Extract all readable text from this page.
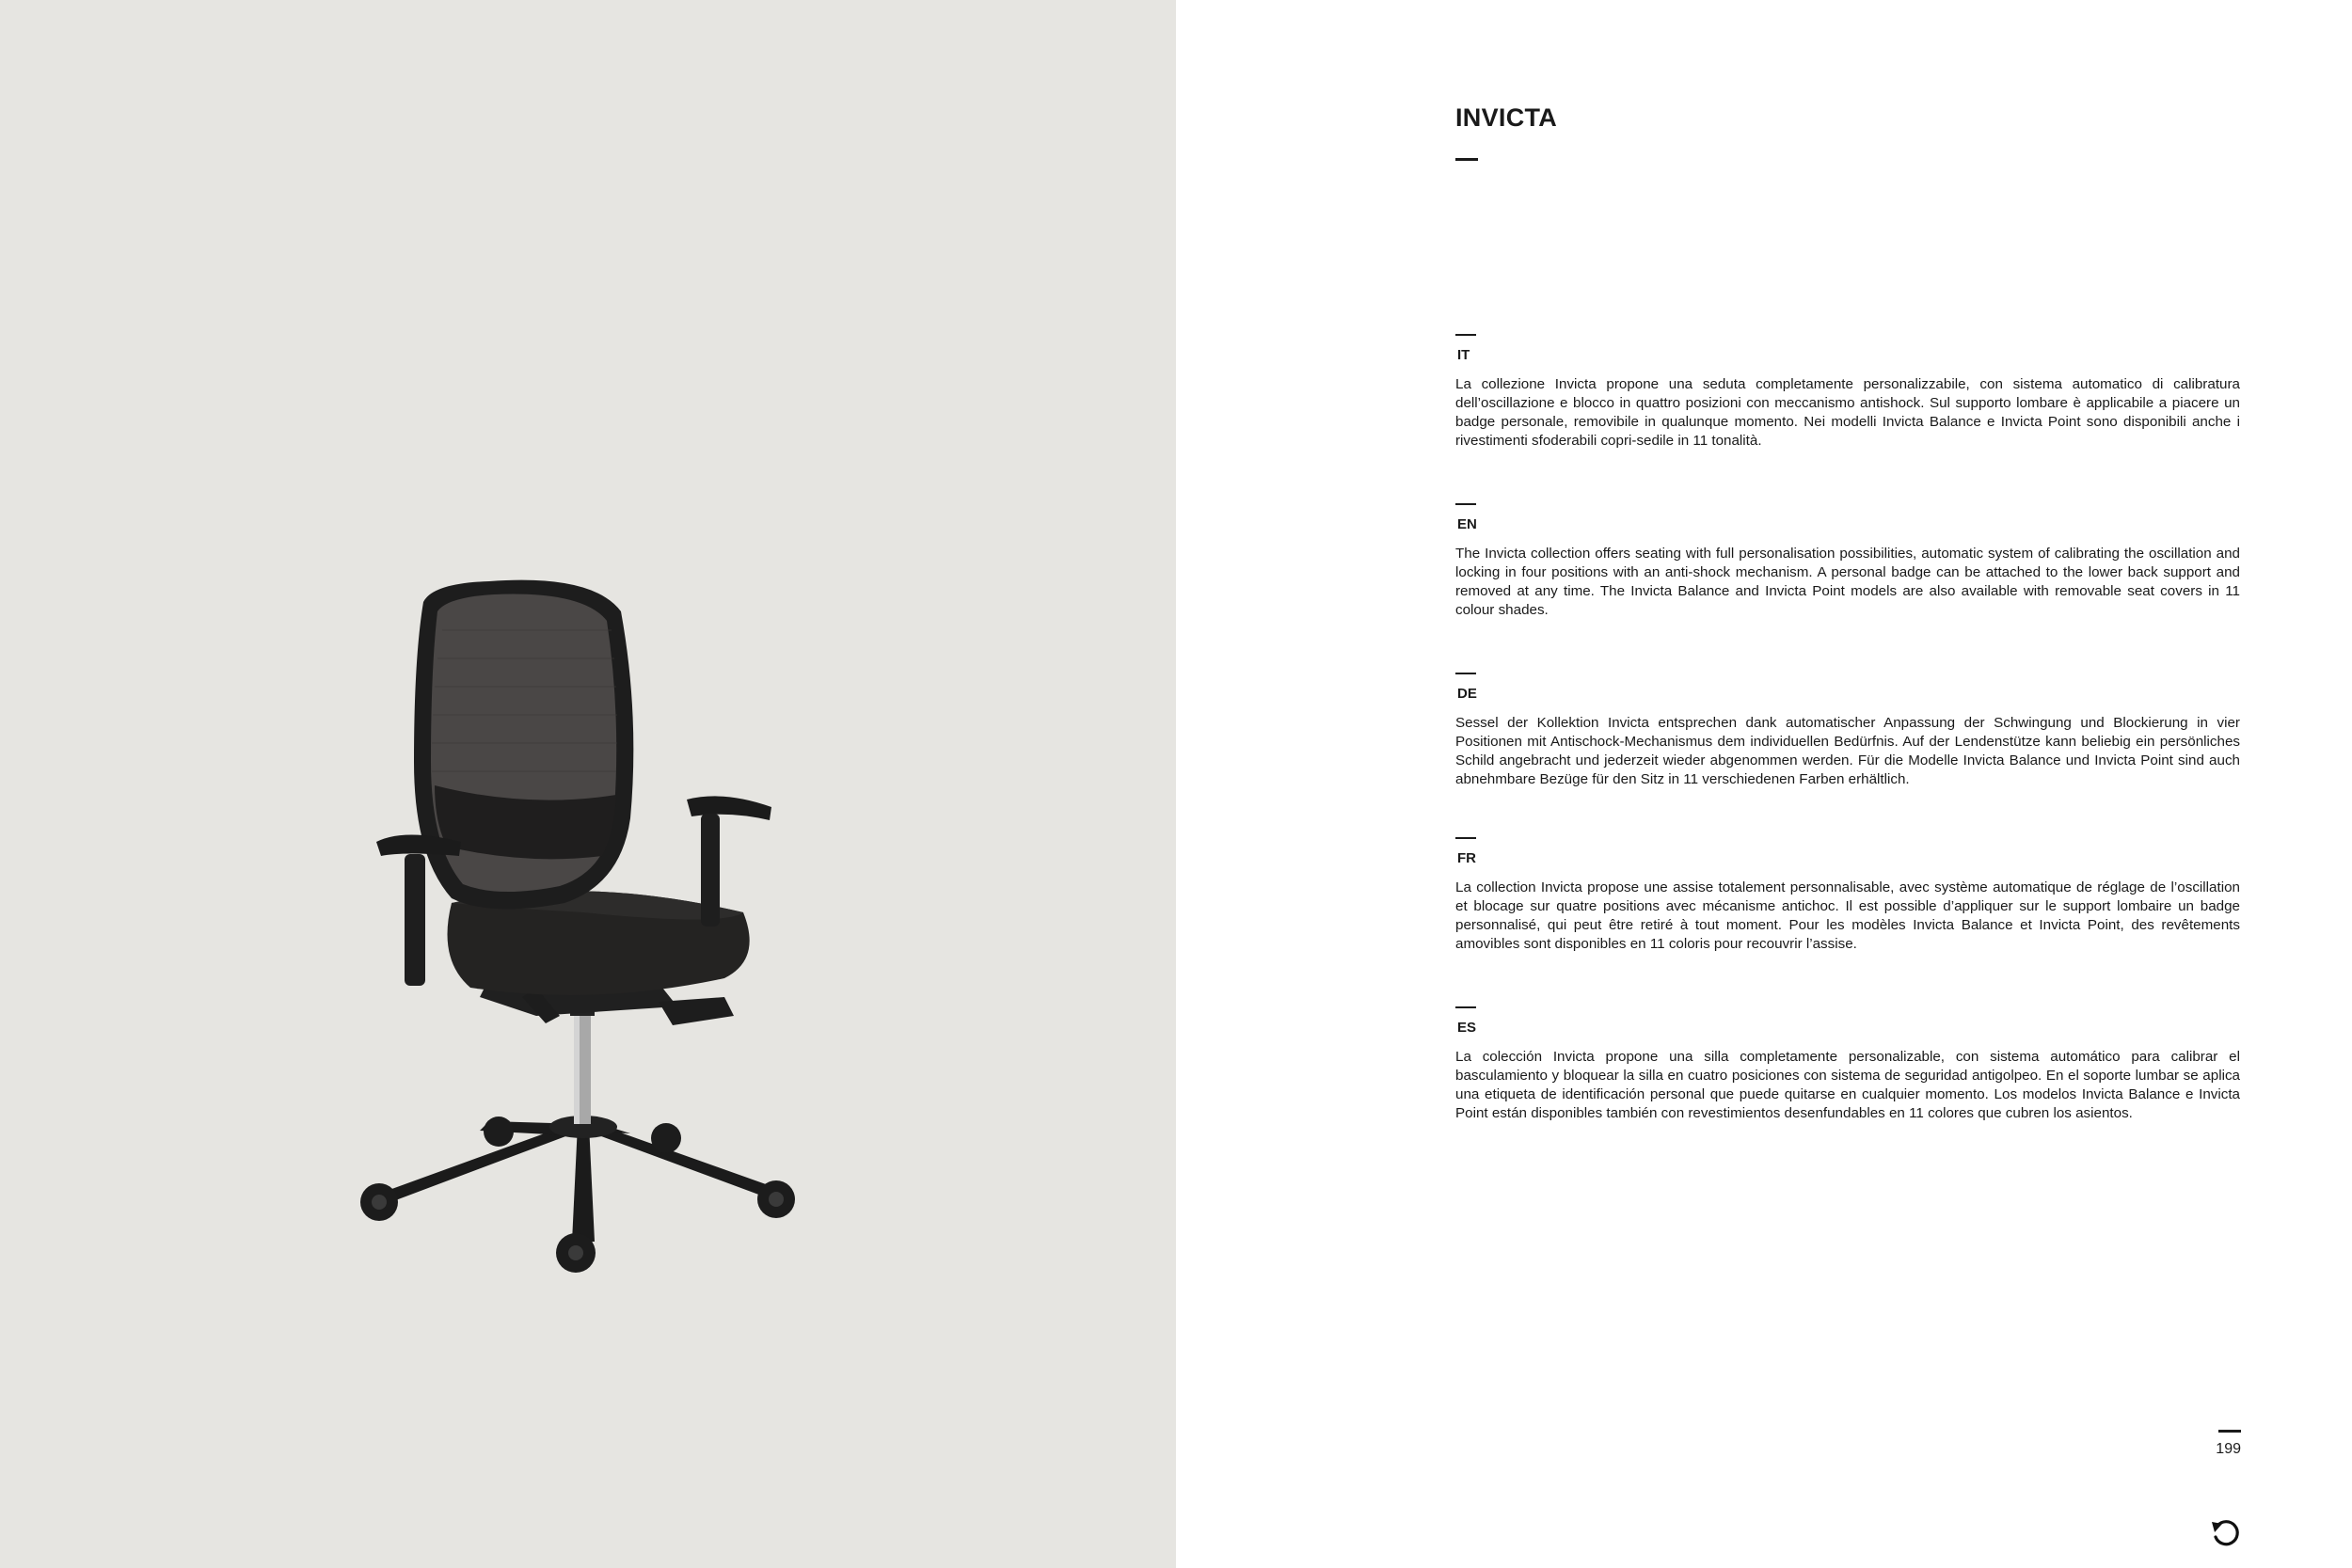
INVICTA
IT

La collezione Invicta propone una seduta completamente personalizzabile, con sistema automatico di calibratura dell’oscillazione e blocco in quattro posizioni con meccanismo antishock. Sul supporto lombare è applicabile a piacere un badge personale, removibile in qualunque momento. Nei modelli Invicta Balance e Invicta Point sono disponibili anche i rivestimenti sfoderabili copri-sedile in 11 tonalità.

EN

The Invicta collection offers seating with full personalisation possibilities, automatic system of calibrating the oscillation and locking in four positions with an anti-shock mechanism. A personal badge can be attached to the lower back support and removed at any time. The Invicta Balance and Invicta Point models are also available with removable seat covers in 11 colour shades.

DE

Sessel der Kollektion Invicta entsprechen dank automatischer Anpassung der Schwingung und Blockierung in vier Positionen mit Antischock-Mechanismus dem individuellen Bedürfnis. Auf der Lendenstütze kann beliebig ein persönliches Schild angebracht und jederzeit wieder abgenommen werden. Für die Modelle Invicta Balance und Invicta Point sind auch abnehmbare Bezüge für den Sitz in 11 verschiedenen Farben erhältlich.

FR

La collection Invicta propose une assise totalement personnalisable, avec système automatique de réglage de l’oscillation et blocage sur quatre positions avec mécanisme antichoc. Il est possible d’appliquer sur le support lombaire un badge personnalisé, qui peut être retiré à tout moment. Pour les modèles Invicta Balance et Invicta Point, des revêtements amovibles sont disponibles en 11 coloris pour recouvrir l’assise.

ES

La colección Invicta propone una silla completamente personalizable, con sistema automático para calibrar el basculamiento y bloquear la silla en cuatro posiciones con sistema de seguridad antigolpeo. En el soporte lumbar se aplica una etiqueta de identificación personal que puede quitarse en cualquier momento. Los modelos Invicta Balance e Invicta Point están disponibles también con revestimientos desenfundables en 11 colores que cubren los asientos.

199
